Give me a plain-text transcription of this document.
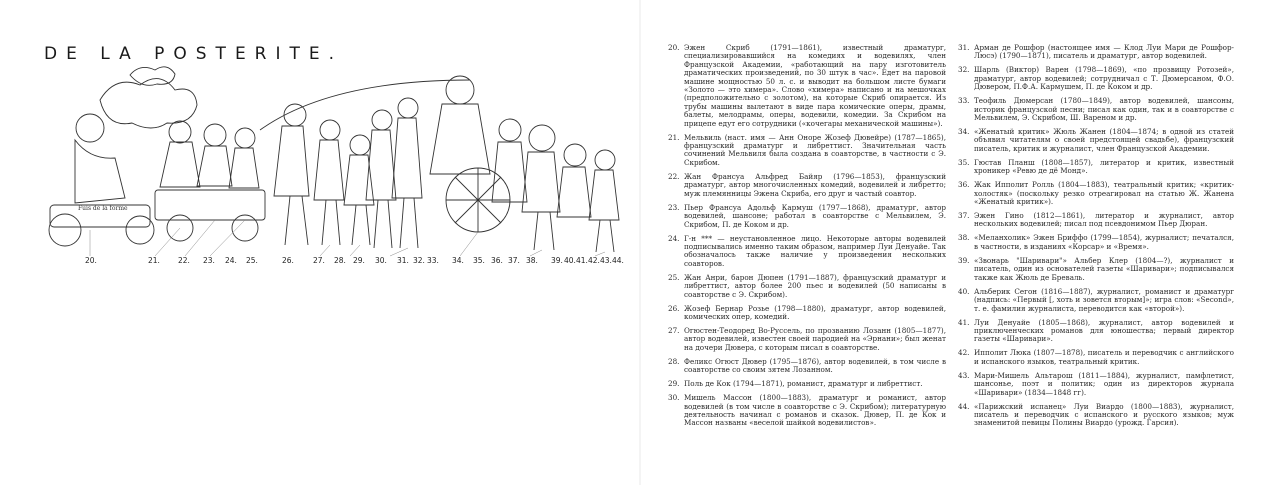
DE LA POSTERITE.
Fuis de la forme
20.	21. 22. 23. 24. 25.	26.	27. 28. 29. 30. 31. 32. 33. 34. 35. 36. 37. 38. 39. 40. 41. 42. 43. 44.
20. Эжен Скриб (1791—1861), известный драматург, специализировавшийся на комедиях и водевилях, член Французской Академии, «работающий на пару изготовитель драматических произведений, по 30 штук в час». Едет на паровой машине мощностью 50 л. с. и выводит на большом листе бумаги «Золото — это химера». Слово «химера» написано и на мешочках (предположительно с золотом), на которые Скриб опирается. Из трубы машины вылетают в виде пара комические оперы, драмы, балеты, мелодрамы, оперы, водевили, комедии. За Скрибом на прицепе едут его сотрудники («кочегары механической машины»).
21. Мельвиль (наст. имя — Анн Оноре Жозеф Дювейре) (1787—1865), французский драматург и либреттист. Значительная часть сочинений Мельвиля была создана в соавторстве, в частности с Э. Скрибом.
22. Жан Франсуа Альфред Байяр (1796—1853), французский драматург, автор многочисленных комедий, водевилей и либретто; муж племянницы Эжена Скриба, его друг и частый соавтор.
23. Пьер Франсуа Адольф Кармуш (1797—1868), драматург, автор водевилей, шансоне; работал в соавторстве с Мельвилем, Э. Скрибом, П. де Коком и др.
24. Г-н *** — неустановленное лицо. Некоторые авторы водевилей подписывались именно таким образом, например Луи Денуайе. Так обозначалось также наличие у произведения нескольких соавторов.
25. Жан Анри, барон Дюпен (1791—1887), французский драматург и либреттист, автор более 200 пьес и водевилей (50 написаны в соавторстве с Э. Скрибом).
26. Жозеф Бернар Розье (1798—1880), драматург, автор водевилей, комических опер, комедий.
27. Огюстен-Теодоред Во-Руссель, по прозванию Лозанн (1805—1877), автор водевилей, известен своей пародией на «Эрнани»; был женат на дочери Дювера, с которым писал в соавторстве.
28. Феликс Огюст Дювер (1795—1876), автор водевилей, в том числе в соавторстве со своим зятем Лозанном.
29. Поль де Кок (1794—1871), романист, драматург и либреттист.
30. Мишель Массон (1800—1883), драматург и романист, автор водевилей (в том числе в соавторстве с Э. Скрибом); литературную деятельность начинал с романов и сказок. Дювер, П. де Кок и Массон названы «веселой шайкой водевилистов».
31. Арман де Рошфор (настоящее имя — Клод Луи Мари де Рошфор-Люсэ) (1790—1871), писатель и драматург, автор водевилей.
32. Шарль (Виктор) Варен (1798—1869), «по прозвищу Ротозей», драматург, автор водевилей; сотрудничал с Т. Дюмерсаном, Ф.О. Дювером, П.Ф.А. Кармушем, П. де Коком и др.
33. Теофиль Дюмерсан (1780—1849), автор водевилей, шансоны, историк французской песни; писал как один, так и в соавторстве с Мельвилем, Э. Скрибом, Ш. Вареном и др.
34. «Женатый критик» Жюль Жанен (1804—1874; в одной из статей объявил читателям о своей предстоящей свадьбе), французский писатель, критик и журналист, член Французской Академии.
35. Гюстав Планш (1808—1857), литератор и критик, известный хроникер «Ревю де дё Монд».
36. Жак Ипполит Ролль (1804—1883), театральный критик; «критик-холостяк» (поскольку резко отреагировал на статью Ж. Жанена «Женатый критик»).
37. Эжен Гино (1812—1861), литератор и журналист, автор нескольких водевилей; писал под псевдонимом Пьер Дюран.
38. «Меланхолик» Эжен Бриффо (1799—1854), журналист; печатался, в частности, в изданиях «Корсар» и «Время».
39. «Звонарь "Шаривари"» Альбер Клер (1804—?), журналист и писатель, один из основателей газеты «Шаривари»; подписывался также как Жюль де Бреваль.
40. Альберик Сегон (1816—1887), журналист, романист и драматург (надпись: «Первый [, хоть и зовется вторым]»; игра слов: «Second», т. е. фамилия журналиста, переводится как «второй»).
41. Луи Денуайе (1805—1868), журналист, автор водевилей и приключенческих романов для юношества; первый директор газеты «Шаривари».
42. Ипполит Люка (1807—1878), писатель и переводчик с английского и испанского языков, театральный критик.
43. Мари-Мишель Альтарош (1811—1884), журналист, памфлетист, шансонье, поэт и политик; один из директоров журнала «Шаривари» (1834—1848 гг).
44. «Парижский испанец» Луи Виардо (1800—1883), журналист, писатель и переводчик с испанского и русского языков; муж знаменитой певицы Полины Виардо (урожд. Гарсия).
